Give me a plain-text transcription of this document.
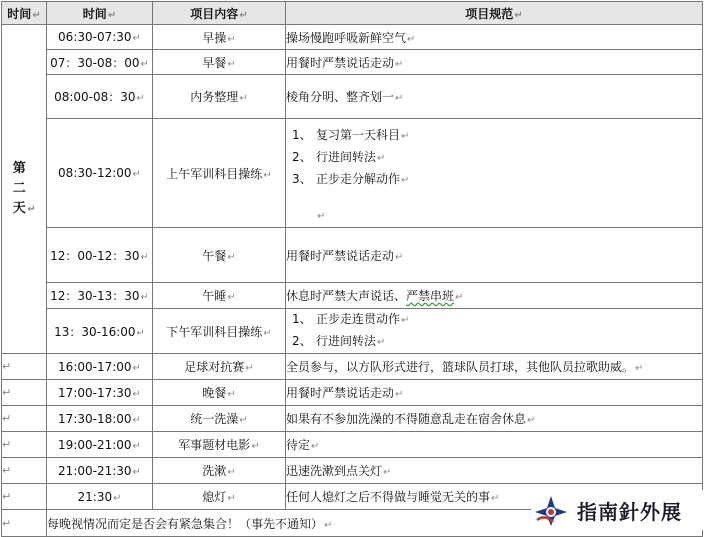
时间↵	时间↵	项目内容↵	项目规范↵
第二天 ↵	06:30-07:30↵	早操↵	操场慢跑呼吸新鲜空气↵
	07：30-08：00↵	早餐↵	用餐时严禁说话走动↵
	08:00-08：30↵	内务整理↵	棱角分明、整齐划一↵
	08:30-12:00↵	上午军训科目操练↵	1、 复习第一天科目↵
2、 行进间转法↵
3、 正步走分解动作↵
↵

	12：00-12：30↵	午餐↵	用餐时严禁说话走动↵
	12：30-13：30↵	午睡↵	休息时严禁大声说话、严禁串班↵
	13：30-16:00↵	下午军训科目操练↵	1、 正步走连贯动作↵
2、 行进间转法↵

↵	16:00-17:00↵	足球对抗赛↵	全员参与，以方队形式进行，篮球队员打球，其他队员拉歌助威。↵
↵	17:00-17:30↵	晚餐↵	用餐时严禁说话走动↵
↵	17:30-18:00↵	统一洗澡↵	如果有不参加洗澡的不得随意乱走在宿舍休息↵
↵	19:00-21:00↵	军事题材电影↵	待定↵
↵	21:00-21:30↵	洗漱↵	迅速洗漱到点关灯↵
↵	21:30↵	熄灯↵	任何人熄灯之后不得做与睡觉无关的事↵
↵	每晚视情况而定是否会有紧急集合！（事先不通知）↵		
指南針外展
